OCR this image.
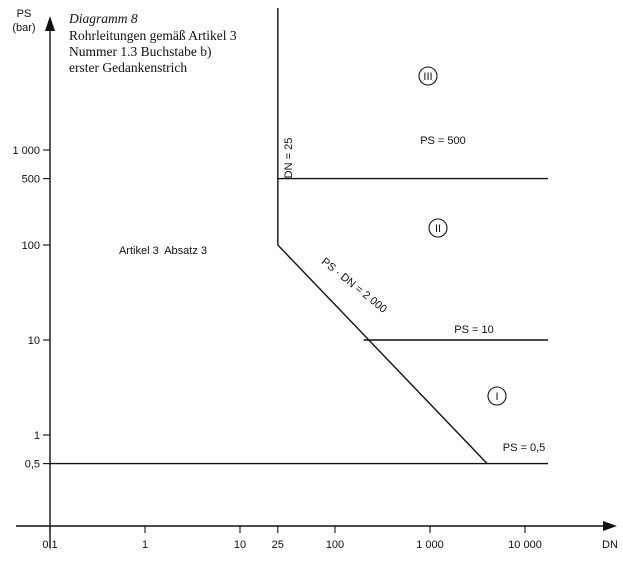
Diagramm 8
Rohrleitungen gemäß Artikel 3
Nummer 1.3 Buchstabe b)
erster Gedankenstrich
PS
(bar)
DN
0,5
1
10
100
500
1 000
0,1	1	10 25	100	1 000	10 000
PS = 500
PS = 10
PS = 0,5
DN = 25
PS · DN = 2 000
Artikel 3  Absatz 3
I
II
III
